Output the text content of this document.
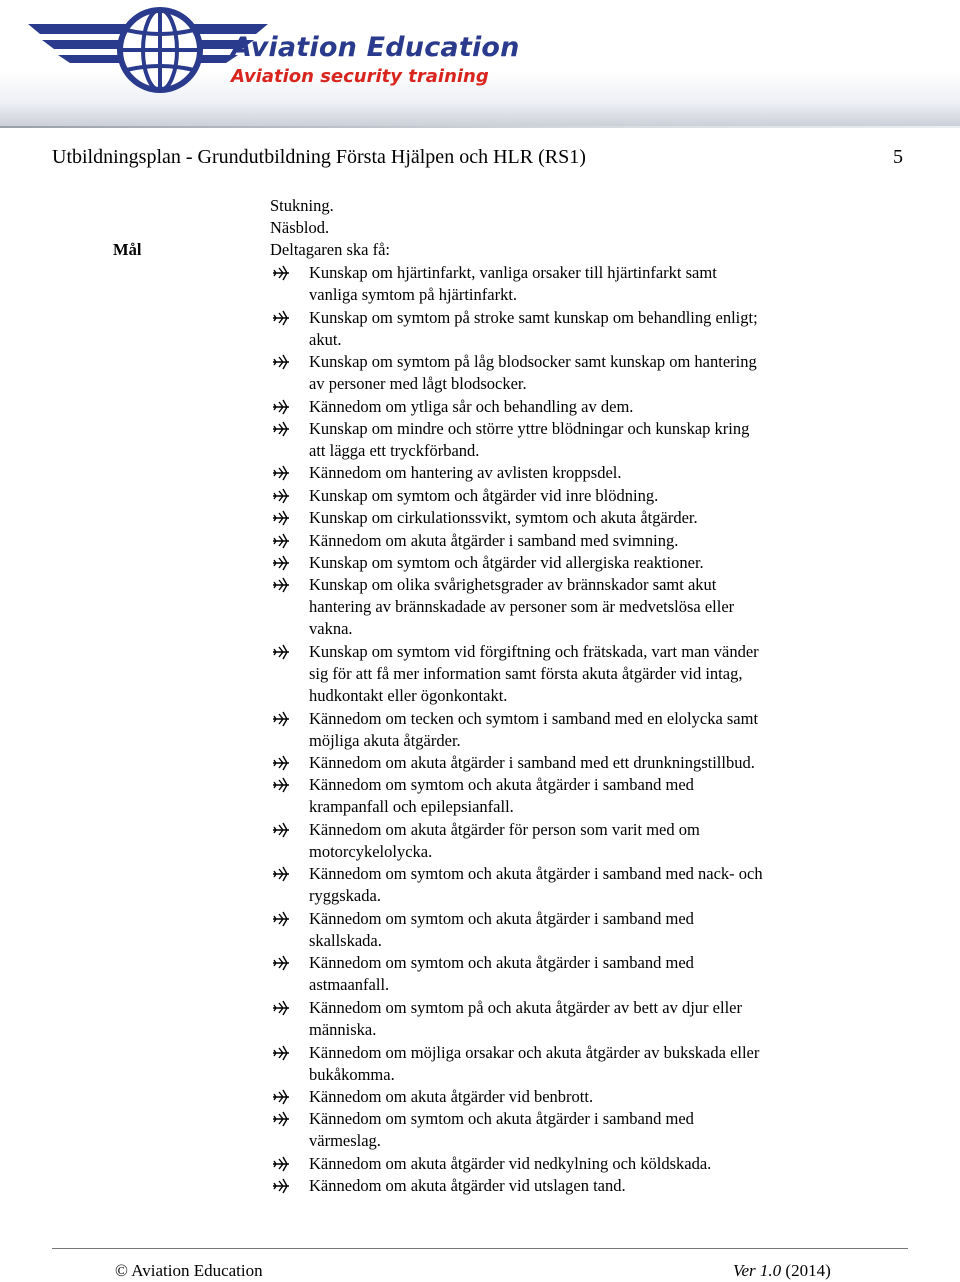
Aviation Education
Aviation security training
Utbildningsplan - Grundutbildning Första Hjälpen och HLR (RS1)	5
Stukning.
Näsblod.
Mål	Deltagaren ska få:
Kunskap om hjärtinfarkt, vanliga orsaker till hjärtinfarkt samt
vanliga symtom på hjärtinfarkt.
Kunskap om symtom på stroke samt kunskap om behandling enligt;
akut.
Kunskap om symtom på låg blodsocker samt kunskap om hantering
av personer med lågt blodsocker.
Kännedom om ytliga sår och behandling av dem.
Kunskap om mindre och större yttre blödningar och kunskap kring
att lägga ett tryckförband.
Kännedom om hantering av avlisten kroppsdel.
Kunskap om symtom och åtgärder vid inre blödning.
Kunskap om cirkulationssvikt, symtom och akuta åtgärder.
Kännedom om akuta åtgärder i samband med svimning.
Kunskap om symtom och åtgärder vid allergiska reaktioner.
Kunskap om olika svårighetsgrader av brännskador samt akut
hantering av brännskadade av personer som är medvetslösa eller
vakna.
Kunskap om symtom vid förgiftning och frätskada, vart man vänder
sig för att få mer information samt första akuta åtgärder vid intag,
hudkontakt eller ögonkontakt.
Kännedom om tecken och symtom i samband med en elolycka samt
möjliga akuta åtgärder.
Kännedom om akuta åtgärder i samband med ett drunkningstillbud.
Kännedom om symtom och akuta åtgärder i samband med
krampanfall och epilepsianfall.
Kännedom om akuta åtgärder för person som varit med om
motorcykelolycka.
Kännedom om symtom och akuta åtgärder i samband med nack- och
ryggskada.
Kännedom om symtom och akuta åtgärder i samband med
skallskada.
Kännedom om symtom och akuta åtgärder i samband med
astmaanfall.
Kännedom om symtom på och akuta åtgärder av bett av djur eller
människa.
Kännedom om möjliga orsakar och akuta åtgärder av bukskada eller
bukåkomma.
Kännedom om akuta åtgärder vid benbrott.
Kännedom om symtom och akuta åtgärder i samband med
värmeslag.
Kännedom om akuta åtgärder vid nedkylning och köldskada.
Kännedom om akuta åtgärder vid utslagen tand.
© Aviation Education	Ver 1.0 (2014)
